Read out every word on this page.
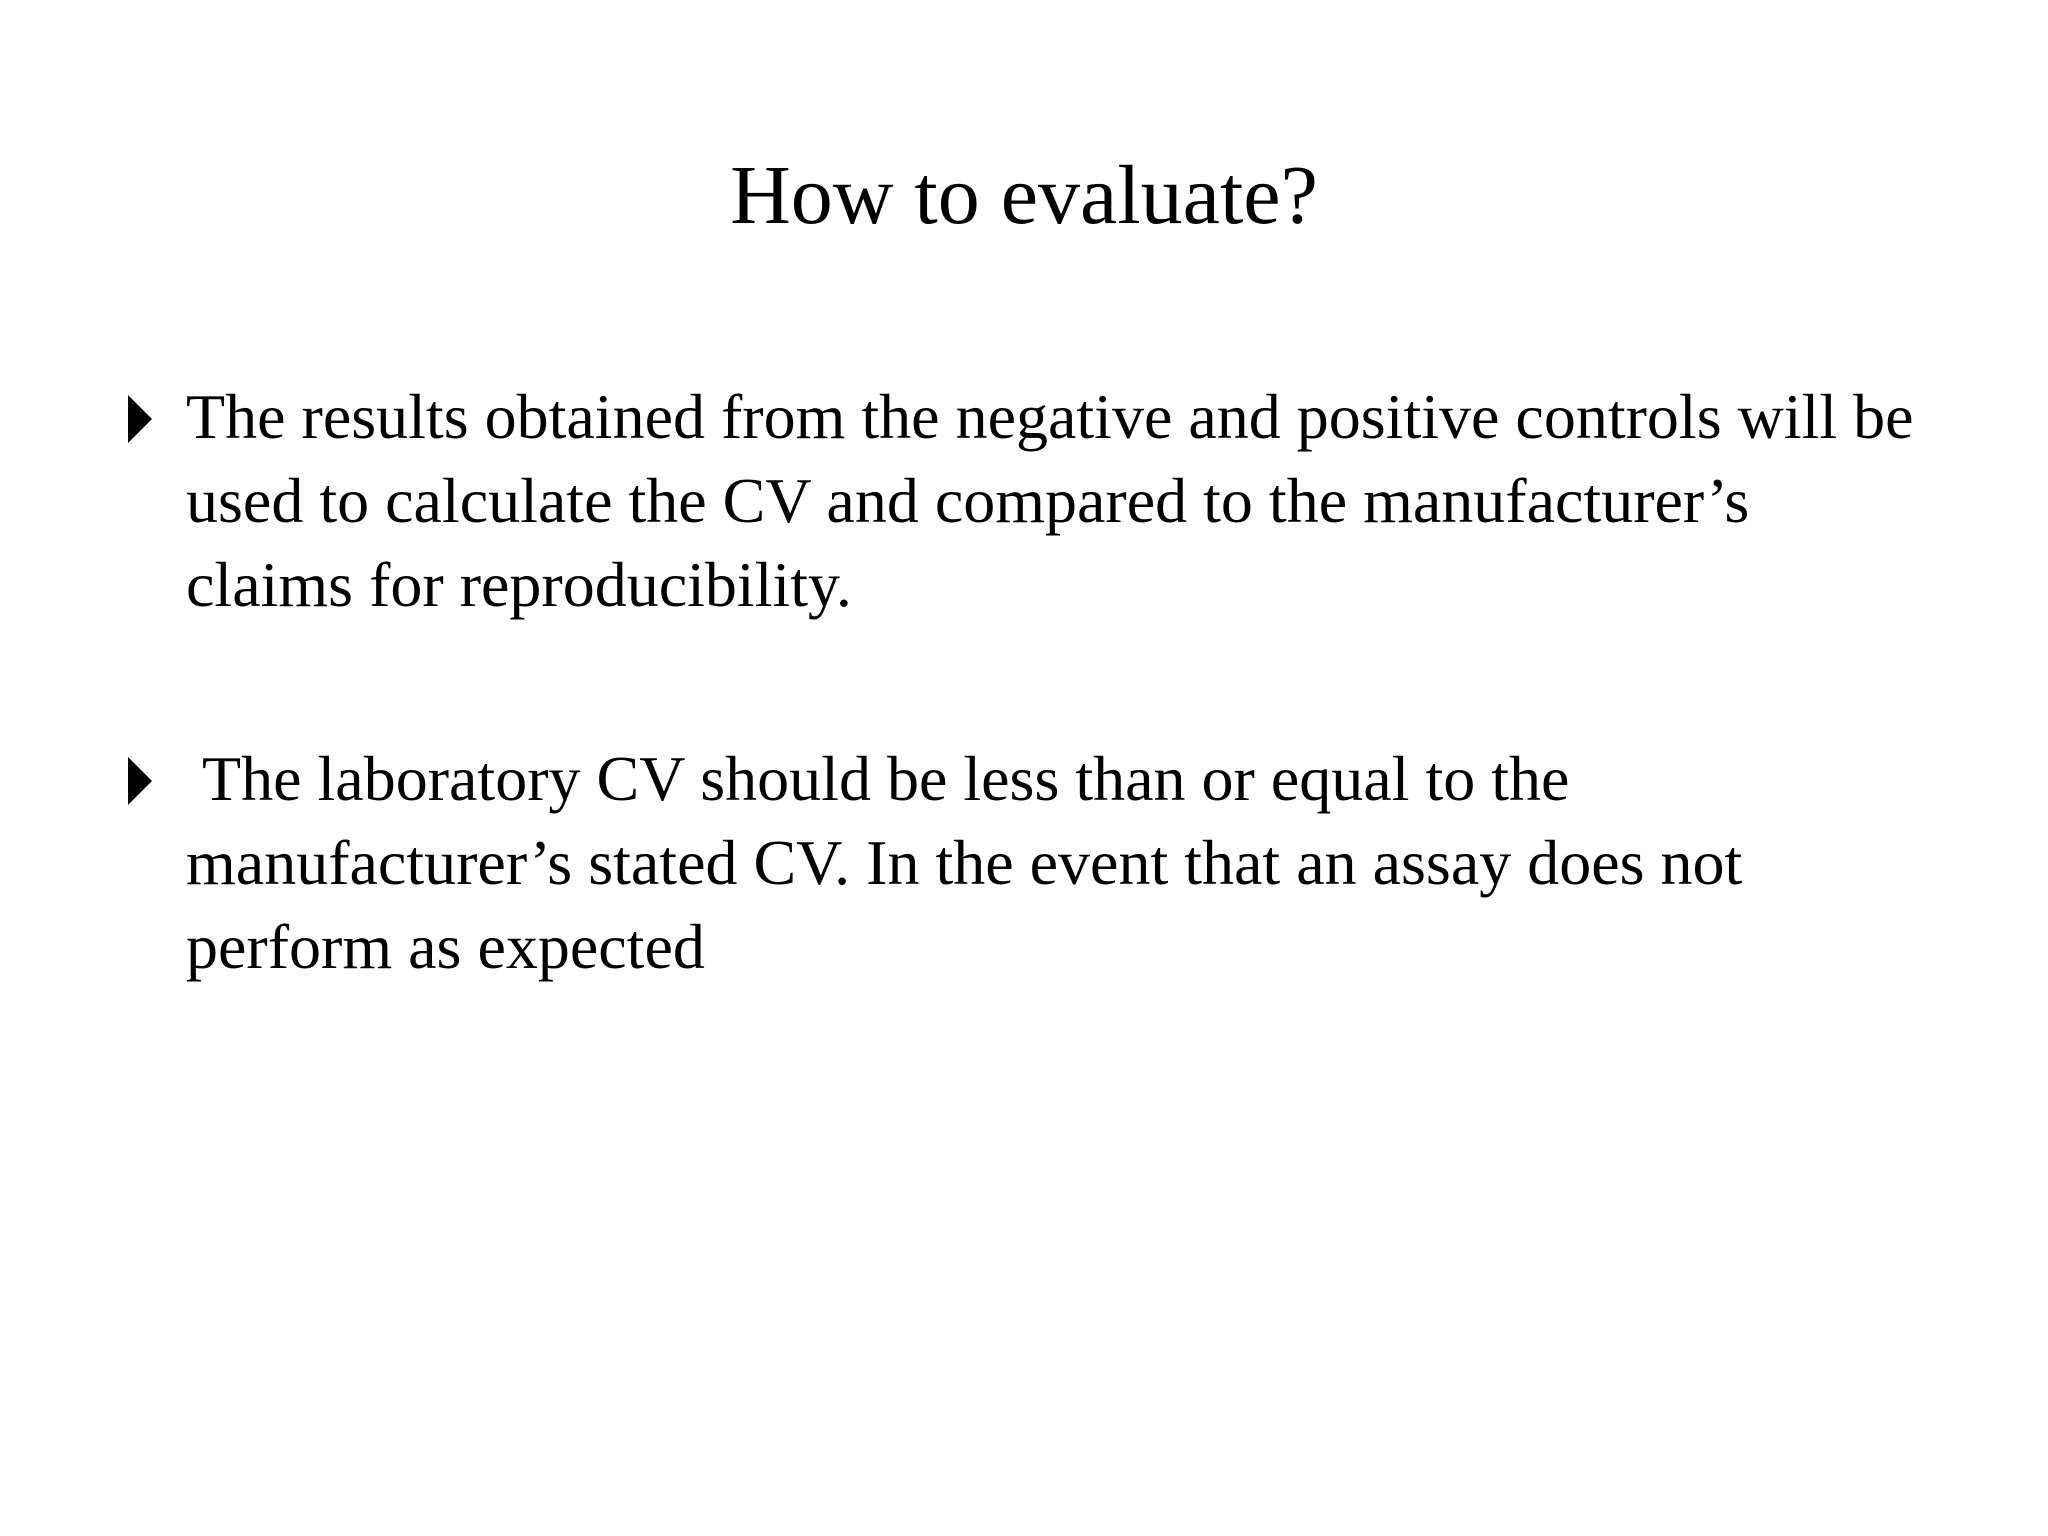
How to evaluate?
The results obtained from the negative and positive controls will be used to calculate the CV and compared to the manufacturer’s claims for reproducibility.
The laboratory CV should be less than or equal to the manufacturer’s stated CV. In the event that an assay does not perform as expected
